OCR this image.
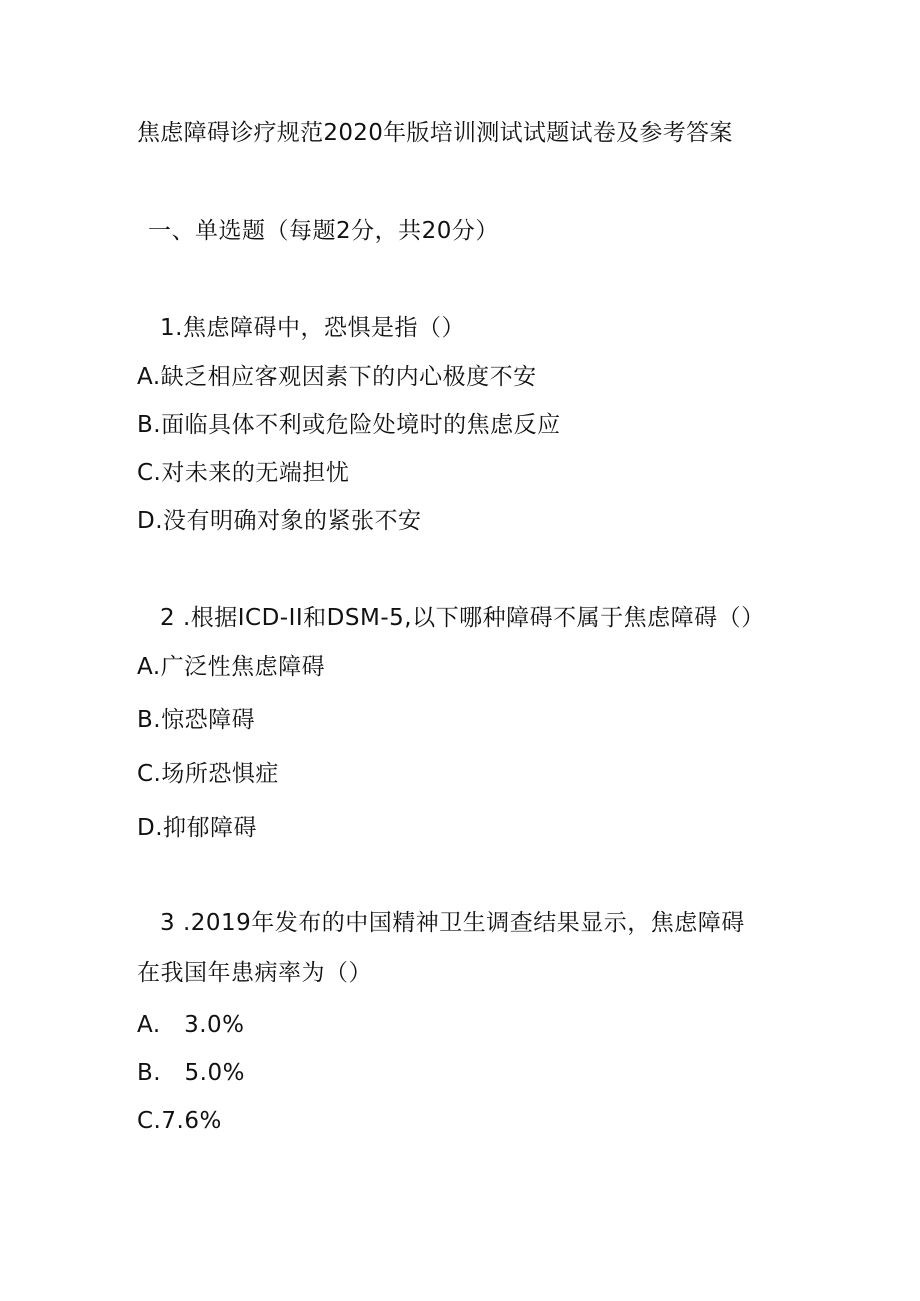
焦虑障碍诊疗规范2020年版培训测试试题试卷及参考答案
一、单选题（每题2分，共20分）
1.焦虑障碍中，恐惧是指（）
A.缺乏相应客观因素下的内心极度不安
B.面临具体不利或危险处境时的焦虑反应
C.对未来的无端担忧
D.没有明确对象的紧张不安
2 .根据ICD-II和DSM-5,以下哪种障碍不属于焦虑障碍（）
A.广泛性焦虑障碍
B.惊恐障碍
C.场所恐惧症
D.抑郁障碍
3 .2019年发布的中国精神卫生调查结果显示，焦虑障碍
在我国年患病率为（）
A.   3.0%
B.   5.0%
C.7.6%
